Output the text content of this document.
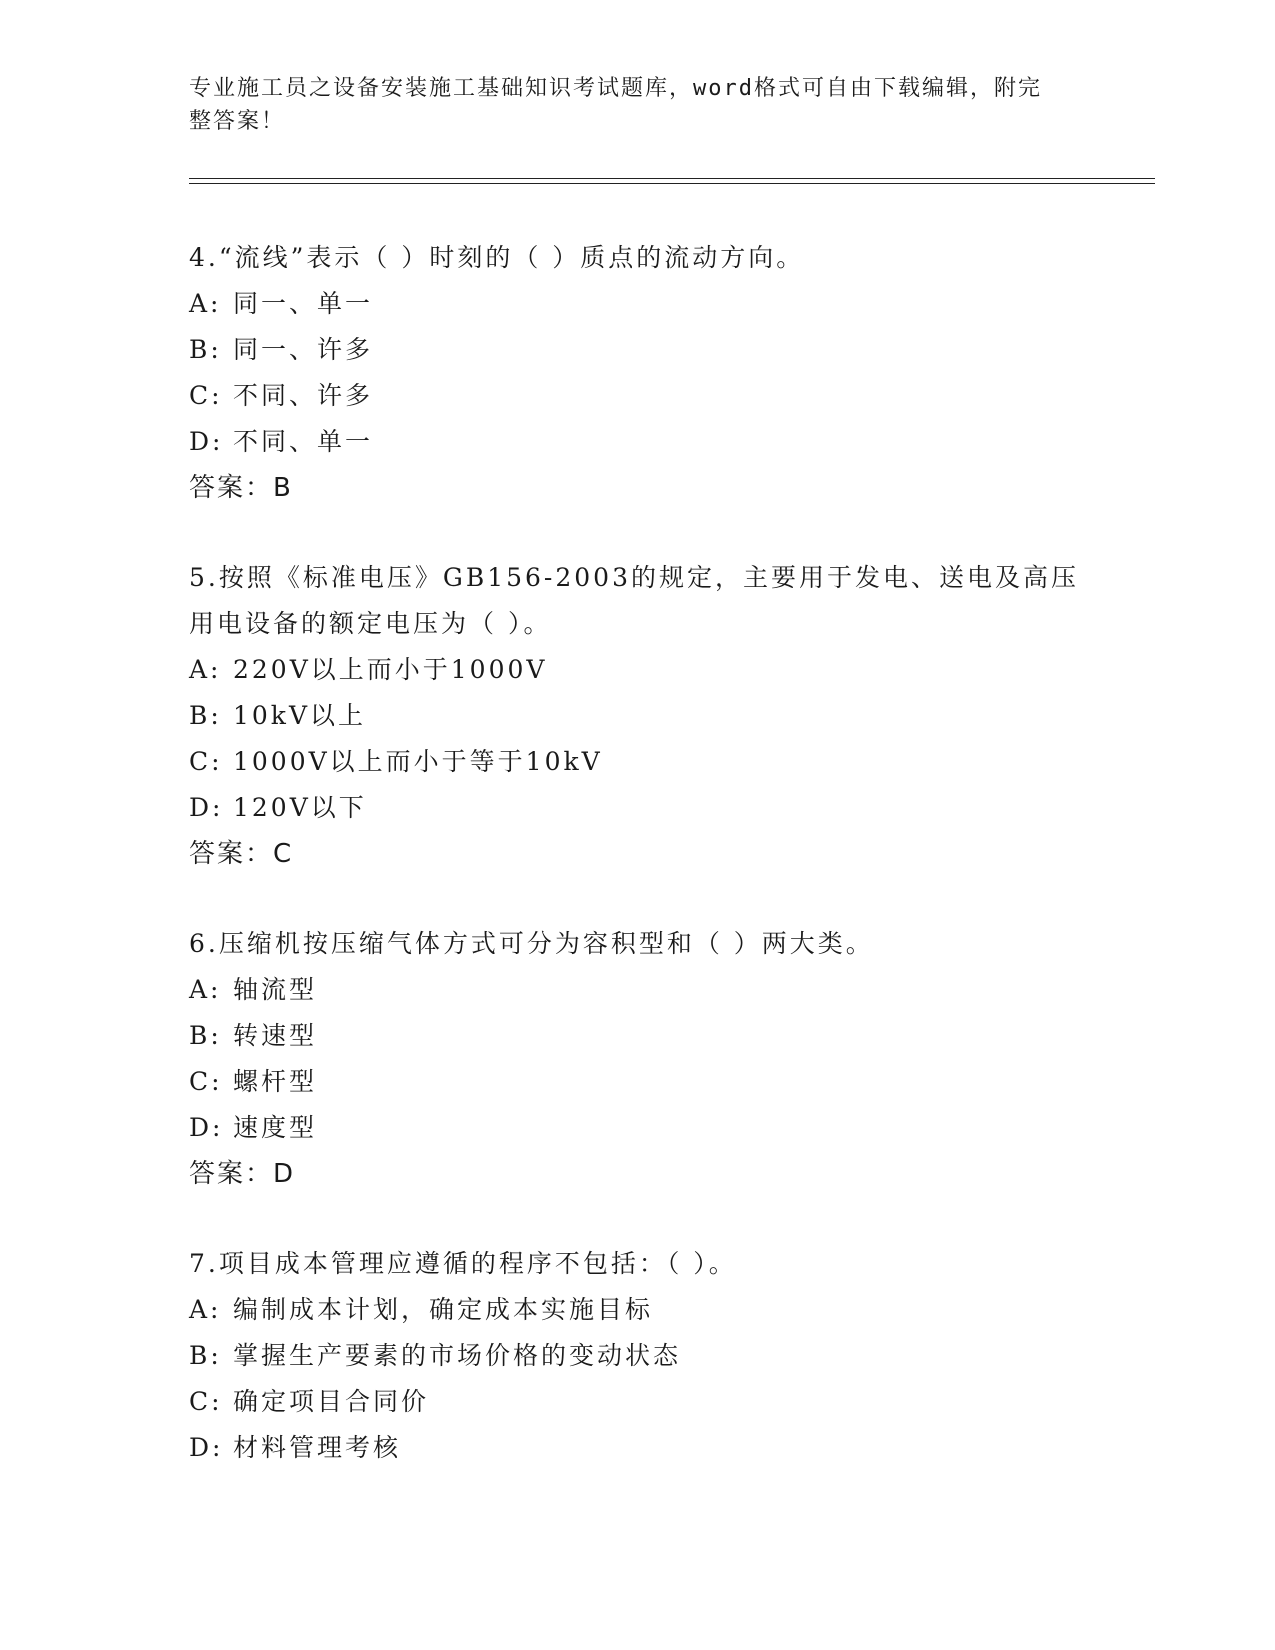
专业施工员之设备安装施工基础知识考试题库，word格式可自由下载编辑，附完
整答案！

4.“流线”表示（ ）时刻的（ ）质点的流动方向。

A: 同一、单一

B: 同一、许多

C: 不同、许多

D: 不同、单一

答案：B

5.按照《标准电压》GB156-2003的规定，主要用于发电、送电及高压

用电设备的额定电压为（ ）。

A: 220V以上而小于1000V

B: 10kV以上

C: 1000V以上而小于等于10kV

D: 120V以下

答案：C

6.压缩机按压缩气体方式可分为容积型和（ ）两大类。

A: 轴流型

B: 转速型

C: 螺杆型

D: 速度型

答案：D

7.项目成本管理应遵循的程序不包括：（ ）。

A: 编制成本计划，确定成本实施目标

B: 掌握生产要素的市场价格的变动状态

C: 确定项目合同价

D: 材料管理考核
